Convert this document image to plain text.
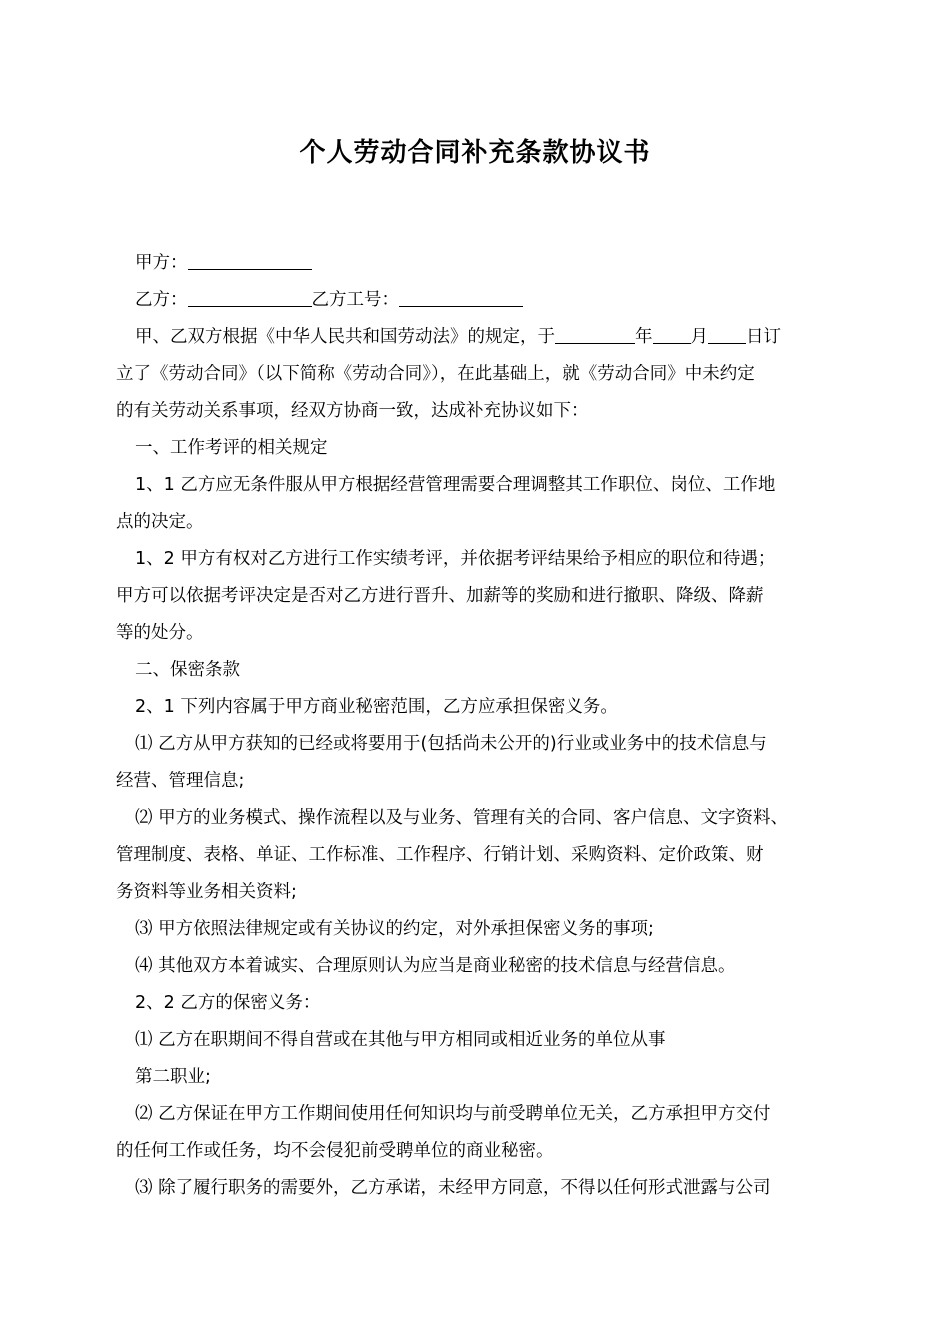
个人劳动合同补充条款协议书

甲方：

乙方：	乙方工号：

甲、乙双方根据《中华人民共和国劳动法》的规定，于	年 月 日订

立了《劳动合同》（以下简称《劳动合同》），在此基础上，就《劳动合同》中未约定

的有关劳动关系事项，经双方协商一致，达成补充协议如下：

一、工作考评的相关规定

1、1 乙方应无条件服从甲方根据经营管理需要合理调整其工作职位、岗位、工作地

点的决定。

1、2 甲方有权对乙方进行工作实绩考评，并依据考评结果给予相应的职位和待遇；

甲方可以依据考评决定是否对乙方进行晋升、加薪等的奖励和进行撤职、降级、降薪

等的处分。

二、保密条款

2、1 下列内容属于甲方商业秘密范围，乙方应承担保密义务。

⑴ 乙方从甲方获知的已经或将要用于(包括尚未公开的)行业或业务中的技术信息与

经营、管理信息;

⑵ 甲方的业务模式、操作流程以及与业务、管理有关的合同、客户信息、文字资料、

管理制度、表格、单证、工作标准、工作程序、行销计划、采购资料、定价政策、财

务资料等业务相关资料;

⑶ 甲方依照法律规定或有关协议的约定，对外承担保密义务的事项;

⑷ 其他双方本着诚实、合理原则认为应当是商业秘密的技术信息与经营信息。

2、2 乙方的保密义务：

⑴ 乙方在职期间不得自营或在其他与甲方相同或相近业务的单位从事

第二职业;

⑵ 乙方保证在甲方工作期间使用任何知识均与前受聘单位无关，乙方承担甲方交付

的任何工作或任务，均不会侵犯前受聘单位的商业秘密。

⑶ 除了履行职务的需要外，乙方承诺，未经甲方同意，不得以任何形式泄露与公司
